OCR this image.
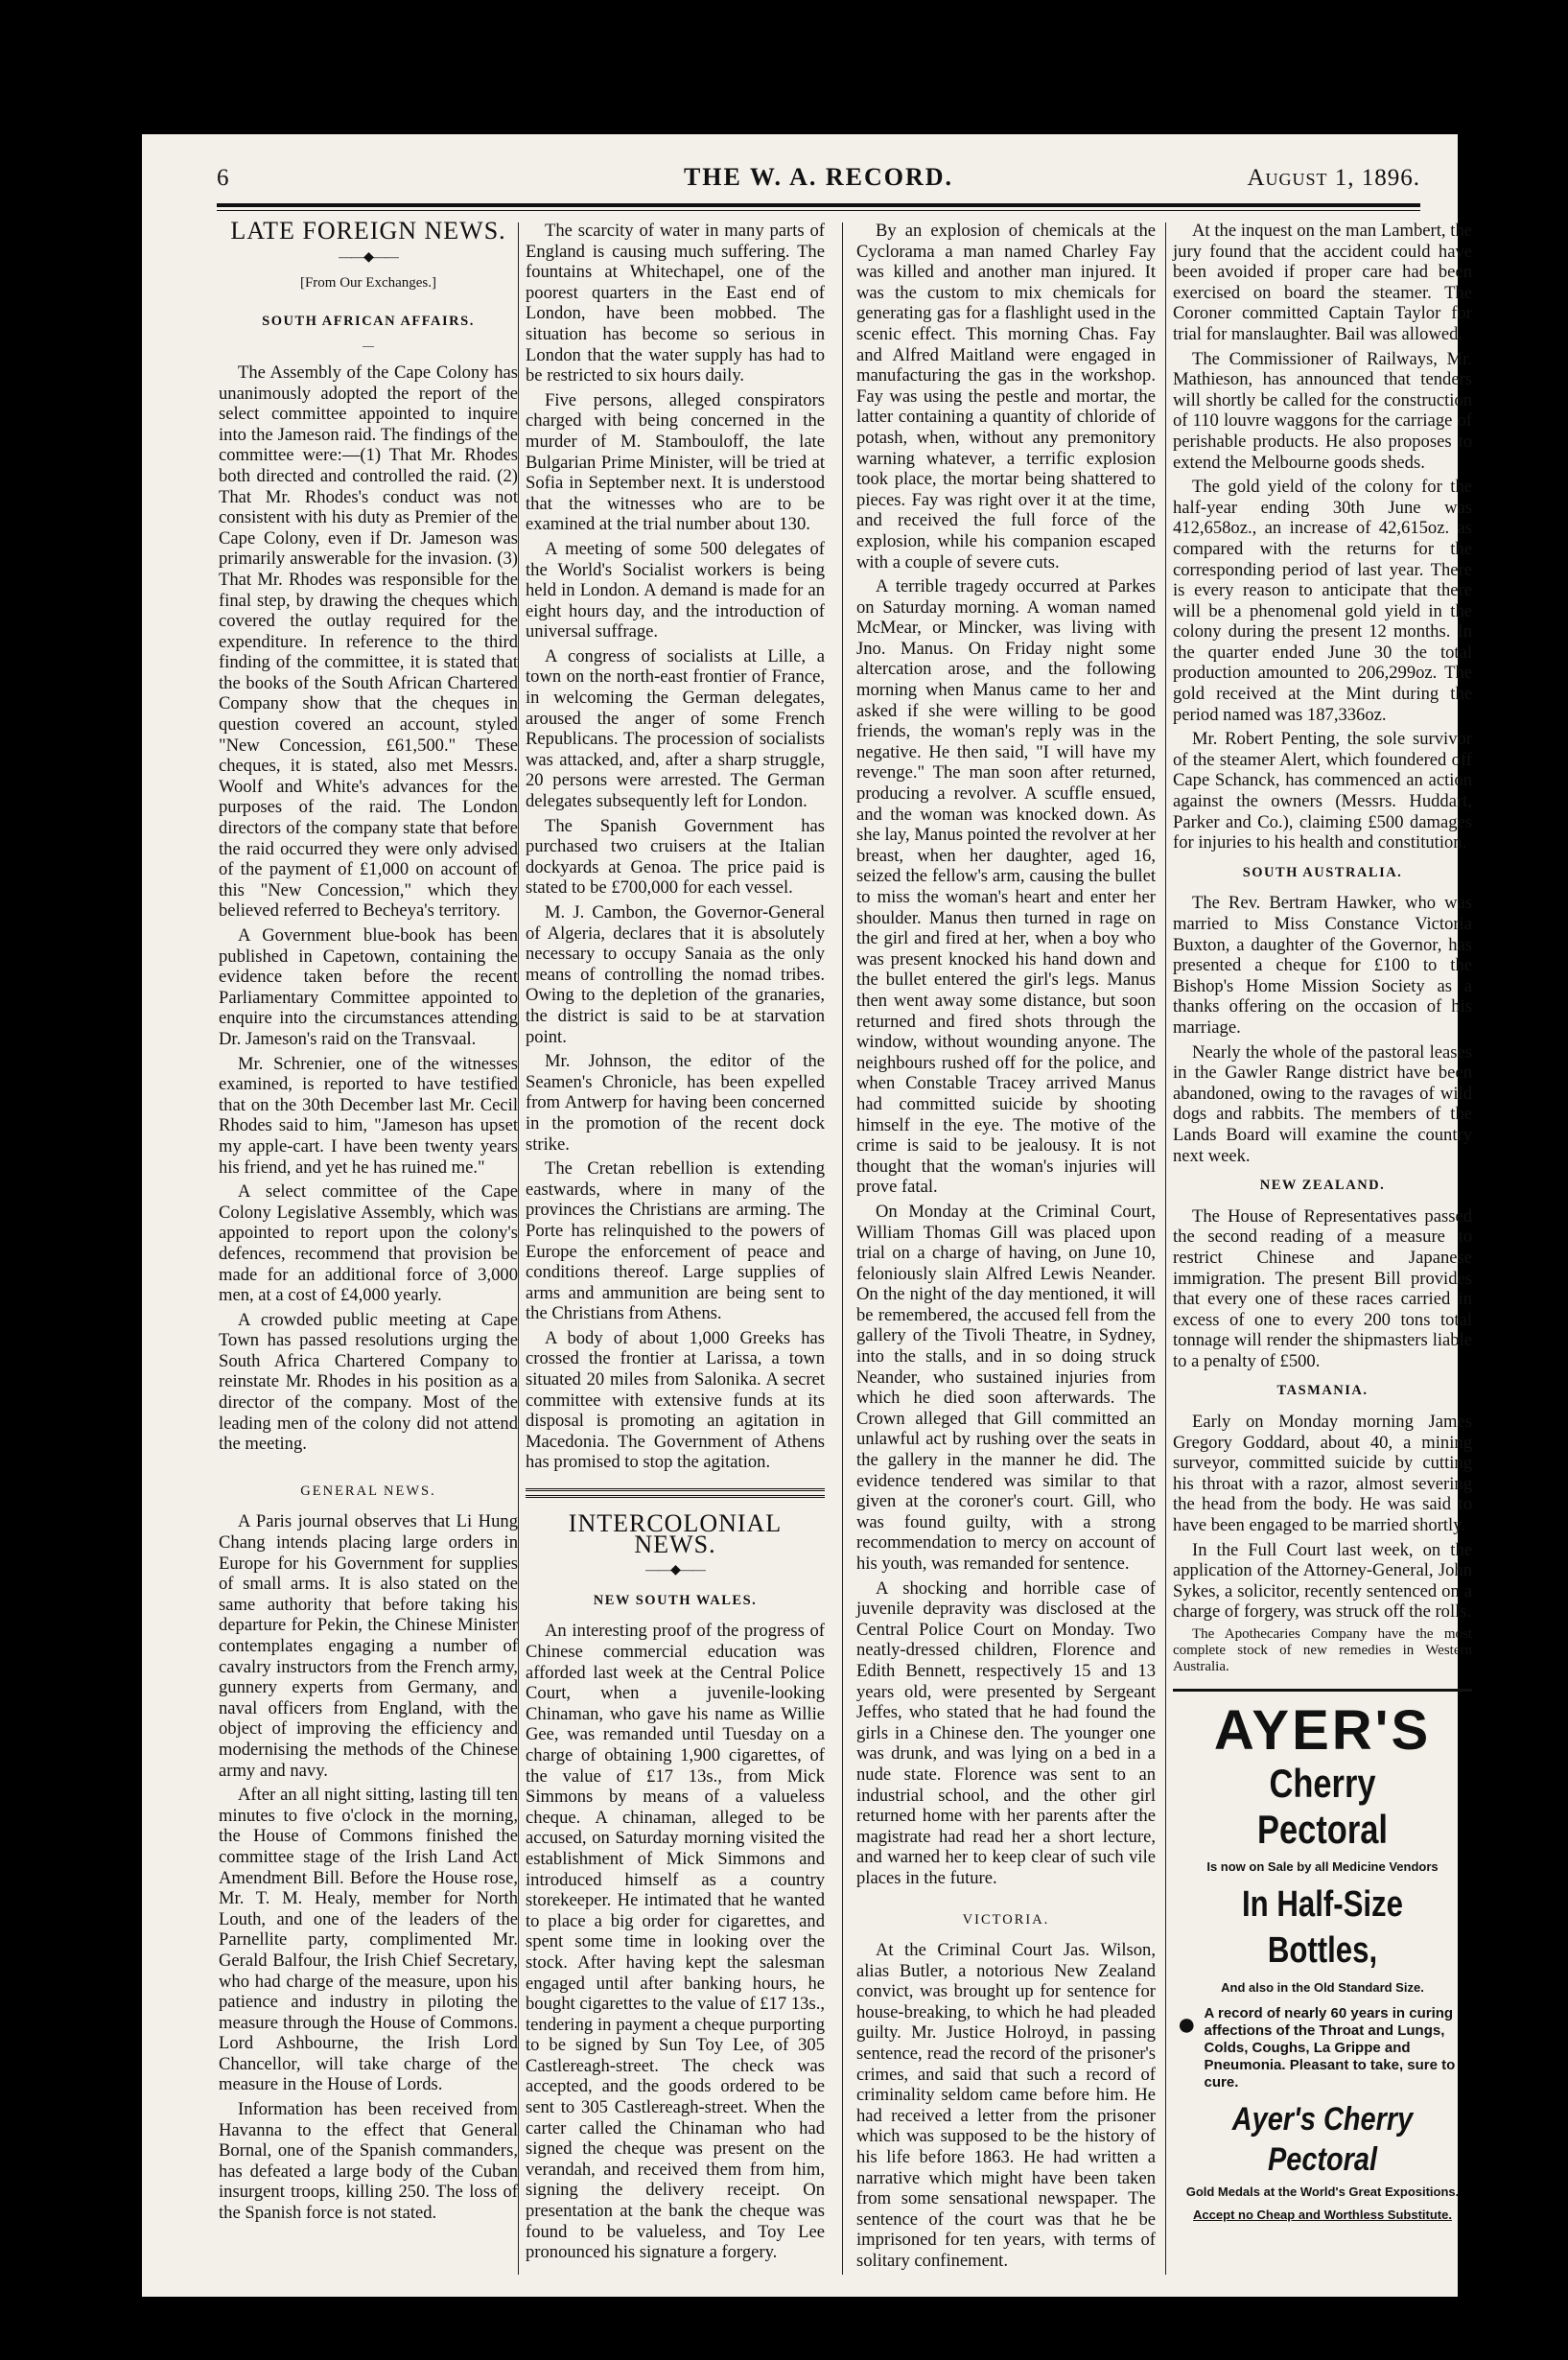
6	THE W. A. RECORD.	August 1, 1896.
LATE FOREIGN NEWS.
——◆——
[From Our Exchanges.]
SOUTH AFRICAN AFFAIRS.
—

The Assembly of the Cape Colony has unanimously adopted the report of the select committee appointed to inquire into the Jameson raid. The findings of the committee were:—(1) That Mr. Rhodes both directed and controlled the raid. (2) That Mr. Rhodes's conduct was not consistent with his duty as Premier of the Cape Colony, even if Dr. Jameson was primarily answerable for the invasion. (3) That Mr. Rhodes was responsible for the final step, by drawing the cheques which covered the outlay required for the expenditure. In reference to the third finding of the committee, it is stated that the books of the South African Chartered Company show that the cheques in question covered an account, styled "New Concession, £61,500." These cheques, it is stated, also met Messrs. Woolf and White's advances for the purposes of the raid. The London directors of the company state that before the raid occurred they were only advised of the payment of £1,000 on account of this "New Concession," which they believed referred to Becheya's territory.

A Government blue-book has been published in Capetown, containing the evidence taken before the recent Parliamentary Committee appointed to enquire into the circumstances attending Dr. Jameson's raid on the Transvaal.

Mr. Schrenier, one of the witnesses examined, is reported to have testified that on the 30th December last Mr. Cecil Rhodes said to him, "Jameson has upset my apple-cart. I have been twenty years his friend, and yet he has ruined me."

A select committee of the Cape Colony Legislative Assembly, which was appointed to report upon the colony's defences, recommend that provision be made for an additional force of 3,000 men, at a cost of £4,000 yearly.

A crowded public meeting at Cape Town has passed resolutions urging the South Africa Chartered Company to reinstate Mr. Rhodes in his position as a director of the company. Most of the leading men of the colony did not attend the meeting.

GENERAL NEWS.

A Paris journal observes that Li Hung Chang intends placing large orders in Europe for his Government for supplies of small arms. It is also stated on the same authority that before taking his departure for Pekin, the Chinese Minister contemplates engaging a number of cavalry instructors from the French army, gunnery experts from Germany, and naval officers from England, with the object of improving the efficiency and modernising the methods of the Chinese army and navy.

After an all night sitting, lasting till ten minutes to five o'clock in the morning, the House of Commons finished the committee stage of the Irish Land Act Amendment Bill. Before the House rose, Mr. T. M. Healy, member for North Louth, and one of the leaders of the Parnellite party, complimented Mr. Gerald Balfour, the Irish Chief Secretary, who had charge of the measure, upon his patience and industry in piloting the measure through the House of Commons. Lord Ashbourne, the Irish Lord Chancellor, will take charge of the measure in the House of Lords.

Information has been received from Havanna to the effect that General Bornal, one of the Spanish commanders, has defeated a large body of the Cuban insurgent troops, killing 250. The loss of the Spanish force is not stated.

The scarcity of water in many parts of England is causing much suffering. The fountains at Whitechapel, one of the poorest quarters in the East end of London, have been mobbed. The situation has become so serious in London that the water supply has had to be restricted to six hours daily.

Five persons, alleged conspirators charged with being concerned in the murder of M. Stambouloff, the late Bulgarian Prime Minister, will be tried at Sofia in September next. It is understood that the witnesses who are to be examined at the trial number about 130.

A meeting of some 500 delegates of the World's Socialist workers is being held in London. A demand is made for an eight hours day, and the introduction of universal suffrage.

A congress of socialists at Lille, a town on the north-east frontier of France, in welcoming the German delegates, aroused the anger of some French Republicans. The procession of socialists was attacked, and, after a sharp struggle, 20 persons were arrested. The German delegates subsequently left for London.

The Spanish Government has purchased two cruisers at the Italian dockyards at Genoa. The price paid is stated to be £700,000 for each vessel.

M. J. Cambon, the Governor-General of Algeria, declares that it is absolutely necessary to occupy Sanaia as the only means of controlling the nomad tribes. Owing to the depletion of the granaries, the district is said to be at starvation point.

Mr. Johnson, the editor of the Seamen's Chronicle, has been expelled from Antwerp for having been concerned in the promotion of the recent dock strike.

The Cretan rebellion is extending eastwards, where in many of the provinces the Christians are arming. The Porte has relinquished to the powers of Europe the enforcement of peace and conditions thereof. Large supplies of arms and ammunition are being sent to the Christians from Athens.

A body of about 1,000 Greeks has crossed the frontier at Larissa, a town situated 20 miles from Salonika. A secret committee with extensive funds at its disposal is promoting an agitation in Macedonia. The Government of Athens has promised to stop the agitation.

INTERCOLONIAL NEWS.
——◆——
NEW SOUTH WALES.

An interesting proof of the progress of Chinese commercial education was afforded last week at the Central Police Court, when a juvenile-looking Chinaman, who gave his name as Willie Gee, was remanded until Tuesday on a charge of obtaining 1,900 cigarettes, of the value of £17 13s., from Mick Simmons by means of a valueless cheque. A chinaman, alleged to be accused, on Saturday morning visited the establishment of Mick Simmons and introduced himself as a country storekeeper. He intimated that he wanted to place a big order for cigarettes, and spent some time in looking over the stock. After having kept the salesman engaged until after banking hours, he bought cigarettes to the value of £17 13s., tendering in payment a cheque purporting to be signed by Sun Toy Lee, of 305 Castlereagh-street. The check was accepted, and the goods ordered to be sent to 305 Castlereagh-street. When the carter called the Chinaman who had signed the cheque was present on the verandah, and received them from him, signing the delivery receipt. On presentation at the bank the cheque was found to be valueless, and Toy Lee pronounced his signature a forgery.

By an explosion of chemicals at the Cyclorama a man named Charley Fay was killed and another man injured. It was the custom to mix chemicals for generating gas for a flashlight used in the scenic effect. This morning Chas. Fay and Alfred Maitland were engaged in manufacturing the gas in the workshop. Fay was using the pestle and mortar, the latter containing a quantity of chloride of potash, when, without any premonitory warning whatever, a terrific explosion took place, the mortar being shattered to pieces. Fay was right over it at the time, and received the full force of the explosion, while his companion escaped with a couple of severe cuts.

A terrible tragedy occurred at Parkes on Saturday morning. A woman named McMear, or Mincker, was living with Jno. Manus. On Friday night some altercation arose, and the following morning when Manus came to her and asked if she were willing to be good friends, the woman's reply was in the negative. He then said, "I will have my revenge." The man soon after returned, producing a revolver. A scuffle ensued, and the woman was knocked down. As she lay, Manus pointed the revolver at her breast, when her daughter, aged 16, seized the fellow's arm, causing the bullet to miss the woman's heart and enter her shoulder. Manus then turned in rage on the girl and fired at her, when a boy who was present knocked his hand down and the bullet entered the girl's legs. Manus then went away some distance, but soon returned and fired shots through the window, without wounding anyone. The neighbours rushed off for the police, and when Constable Tracey arrived Manus had committed suicide by shooting himself in the eye. The motive of the crime is said to be jealousy. It is not thought that the woman's injuries will prove fatal.

On Monday at the Criminal Court, William Thomas Gill was placed upon trial on a charge of having, on June 10, feloniously slain Alfred Lewis Neander. On the night of the day mentioned, it will be remembered, the accused fell from the gallery of the Tivoli Theatre, in Sydney, into the stalls, and in so doing struck Neander, who sustained injuries from which he died soon afterwards. The Crown alleged that Gill committed an unlawful act by rushing over the seats in the gallery in the manner he did. The evidence tendered was similar to that given at the coroner's court. Gill, who was found guilty, with a strong recommendation to mercy on account of his youth, was remanded for sentence.

A shocking and horrible case of juvenile depravity was disclosed at the Central Police Court on Monday. Two neatly-dressed children, Florence and Edith Bennett, respectively 15 and 13 years old, were presented by Sergeant Jeffes, who stated that he had found the girls in a Chinese den. The younger one was drunk, and was lying on a bed in a nude state. Florence was sent to an industrial school, and the other girl returned home with her parents after the magistrate had read her a short lecture, and warned her to keep clear of such vile places in the future.

VICTORIA.

At the Criminal Court Jas. Wilson, alias Butler, a notorious New Zealand convict, was brought up for sentence for house-breaking, to which he had pleaded guilty. Mr. Justice Holroyd, in passing sentence, read the record of the prisoner's crimes, and said that such a record of criminality seldom came before him. He had received a letter from the prisoner which was supposed to be the history of his life before 1863. He had written a narrative which might have been taken from some sensational newspaper. The sentence of the court was that he be imprisoned for ten years, with terms of solitary confinement.

At the inquest on the man Lambert, the jury found that the accident could have been avoided if proper care had been exercised on board the steamer. The Coroner committed Captain Taylor for trial for manslaughter. Bail was allowed.

The Commissioner of Railways, Mr. Mathieson, has announced that tenders will shortly be called for the construction of 110 louvre waggons for the carriage of perishable products. He also proposes to extend the Melbourne goods sheds.

The gold yield of the colony for the half-year ending 30th June was 412,658oz., an increase of 42,615oz. as compared with the returns for the corresponding period of last year. There is every reason to anticipate that there will be a phenomenal gold yield in the colony during the present 12 months. In the quarter ended June 30 the total production amounted to 206,299oz. The gold received at the Mint during the period named was 187,336oz.

Mr. Robert Penting, the sole survivor of the steamer Alert, which foundered off Cape Schanck, has commenced an action against the owners (Messrs. Huddart, Parker and Co.), claiming £500 damages for injuries to his health and constitution.

SOUTH AUSTRALIA.

The Rev. Bertram Hawker, who was married to Miss Constance Victoria Buxton, a daughter of the Governor, has presented a cheque for £100 to the Bishop's Home Mission Society as a thanks offering on the occasion of his marriage.

Nearly the whole of the pastoral leases in the Gawler Range district have been abandoned, owing to the ravages of wild dogs and rabbits. The members of the Lands Board will examine the country next week.

NEW ZEALAND.

The House of Representatives passed the second reading of a measure to restrict Chinese and Japanese immigration. The present Bill provides that every one of these races carried in excess of one to every 200 tons total tonnage will render the shipmasters liable to a penalty of £500.

TASMANIA.

Early on Monday morning James Gregory Goddard, about 40, a mining surveyor, committed suicide by cutting his throat with a razor, almost severing the head from the body. He was said to have been engaged to be married shortly.

In the Full Court last week, on the application of the Attorney-General, John Sykes, a solicitor, recently sentenced on a charge of forgery, was struck off the rolls.

The Apothecaries Company have the most complete stock of new remedies in Western Australia.

AYER'S
Cherry Pectoral
Is now on Sale by all Medicine Vendors
In Half-Size Bottles,
And also in the Old Standard Size.
● A record of nearly 60 years in curing affections of the Throat and Lungs, Colds, Coughs, La Grippe and Pneumonia. Pleasant to take, sure to cure.
Ayer's Cherry Pectoral
Gold Medals at the World's Great Expositions.
Accept no Cheap and Worthless Substitute.
